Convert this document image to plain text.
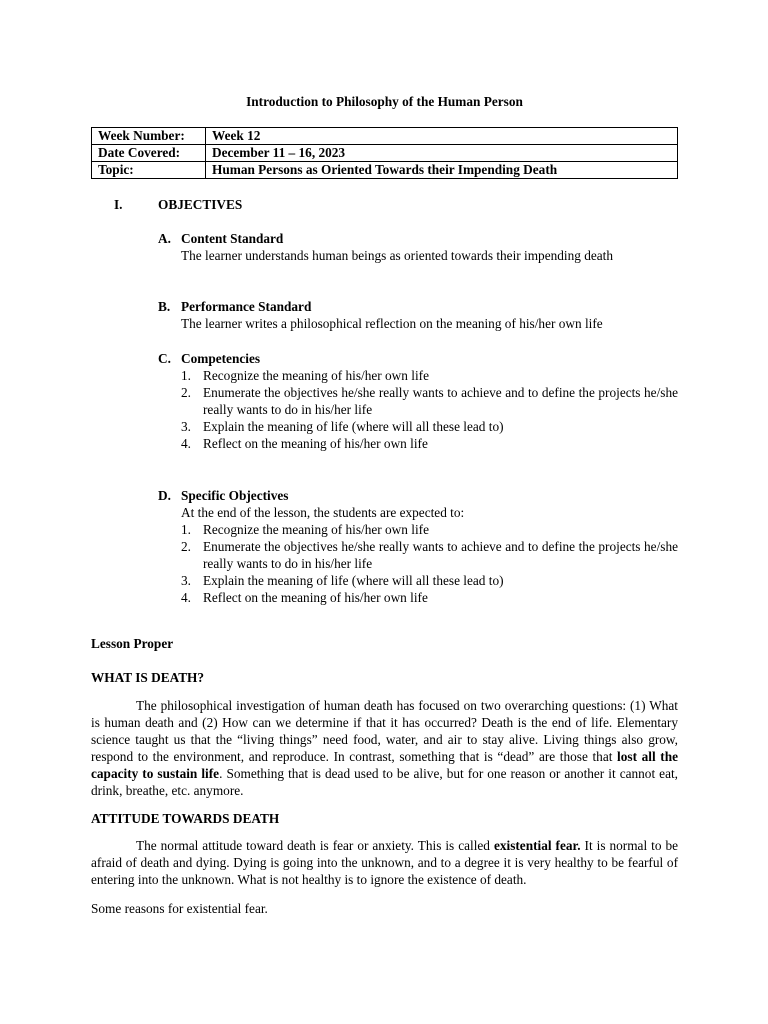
Introduction to Philosophy of the Human Person
Week Number:	Week 12
Date Covered:	December 11 – 16, 2023
Topic:	Human Persons as Oriented Towards their Impending Death
I.	OBJECTIVES
A. Content Standard
The learner understands human beings as oriented towards their impending death
B. Performance Standard
The learner writes a philosophical reflection on the meaning of his/her own life
C. Competencies
1. Recognize the meaning of his/her own life
2. Enumerate the objectives he/she really wants to achieve and to define the projects he/she really wants to do in his/her life
3. Explain the meaning of life (where will all these lead to)
4. Reflect on the meaning of his/her own life
D. Specific Objectives
At the end of the lesson, the students are expected to:
1. Recognize the meaning of his/her own life
2. Enumerate the objectives he/she really wants to achieve and to define the projects he/she really wants to do in his/her life
3. Explain the meaning of life (where will all these lead to)
4. Reflect on the meaning of his/her own life
Lesson Proper
WHAT IS DEATH?
The philosophical investigation of human death has focused on two overarching questions: (1) What is human death and (2) How can we determine if that it has occurred? Death is the end of life. Elementary science taught us that the “living things” need food, water, and air to stay alive. Living things also grow, respond to the environment, and reproduce. In contrast, something that is “dead” are those that lost all the capacity to sustain life. Something that is dead used to be alive, but for one reason or another it cannot eat, drink, breathe, etc. anymore.
ATTITUDE TOWARDS DEATH
The normal attitude toward death is fear or anxiety. This is called existential fear. It is normal to be afraid of death and dying. Dying is going into the unknown, and to a degree it is very healthy to be fearful of entering into the unknown. What is not healthy is to ignore the existence of death.
Some reasons for existential fear.
